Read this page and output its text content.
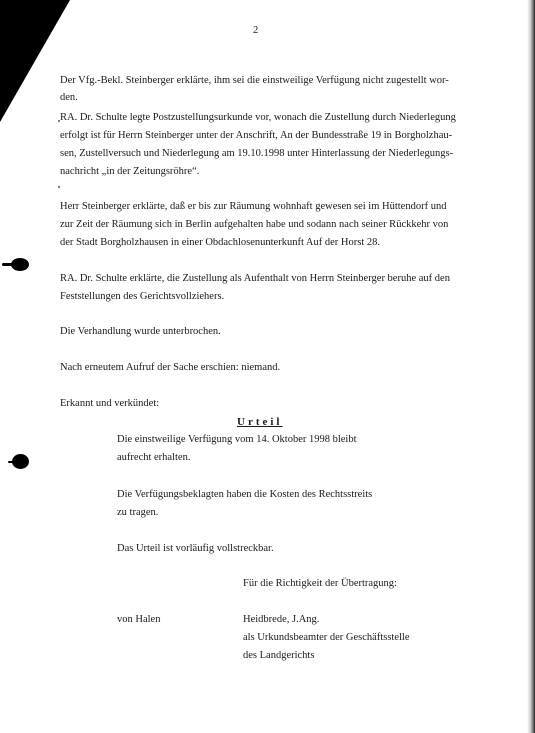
2
Der Vfg.-Bekl. Steinberger erklärte, ihm sei die einstweilige Verfügung nicht zugestellt wor-
den.
RA. Dr. Schulte legte Postzustellungsurkunde vor, wonach die Zustellung durch Niederlegung
erfolgt ist für Herrn Steinberger unter der Anschrift, An der Bundesstraße 19 in Borgholzhau-
sen, Zustellversuch und Niederlegung am 19.10.1998 unter Hinterlassung der Niederlegungs-
nachricht „in der Zeitungsröhre“.
Herr Steinberger erklärte, daß er bis zur Räumung wohnhaft gewesen sei im Hüttendorf und
zur Zeit der Räumung sich in Berlin aufgehalten habe und sodann nach seiner Rückkehr von
der Stadt Borgholzhausen in einer Obdachlosenunterkunft Auf der Horst 28.
RA. Dr. Schulte erklärte, die Zustellung als Aufenthalt von Herrn Steinberger beruhe auf den
Feststellungen des Gerichtsvollziehers.
Die Verhandlung wurde unterbrochen.
Nach erneutem Aufruf der Sache erschien: niemand.
Erkannt und verkündet:
Urteil
Die einstweilige Verfügung vom 14. Oktober 1998 bleibt
aufrecht erhalten.
Die Verfügungsbeklagten haben die Kosten des Rechtsstreits
zu tragen.
Das Urteil ist vorläufig vollstreckbar.
Für die Richtigkeit der Übertragung:
von Halen	Heidbrede, J.Ang.
als Urkundsbeamter der Geschäftsstelle
des Landgerichts
